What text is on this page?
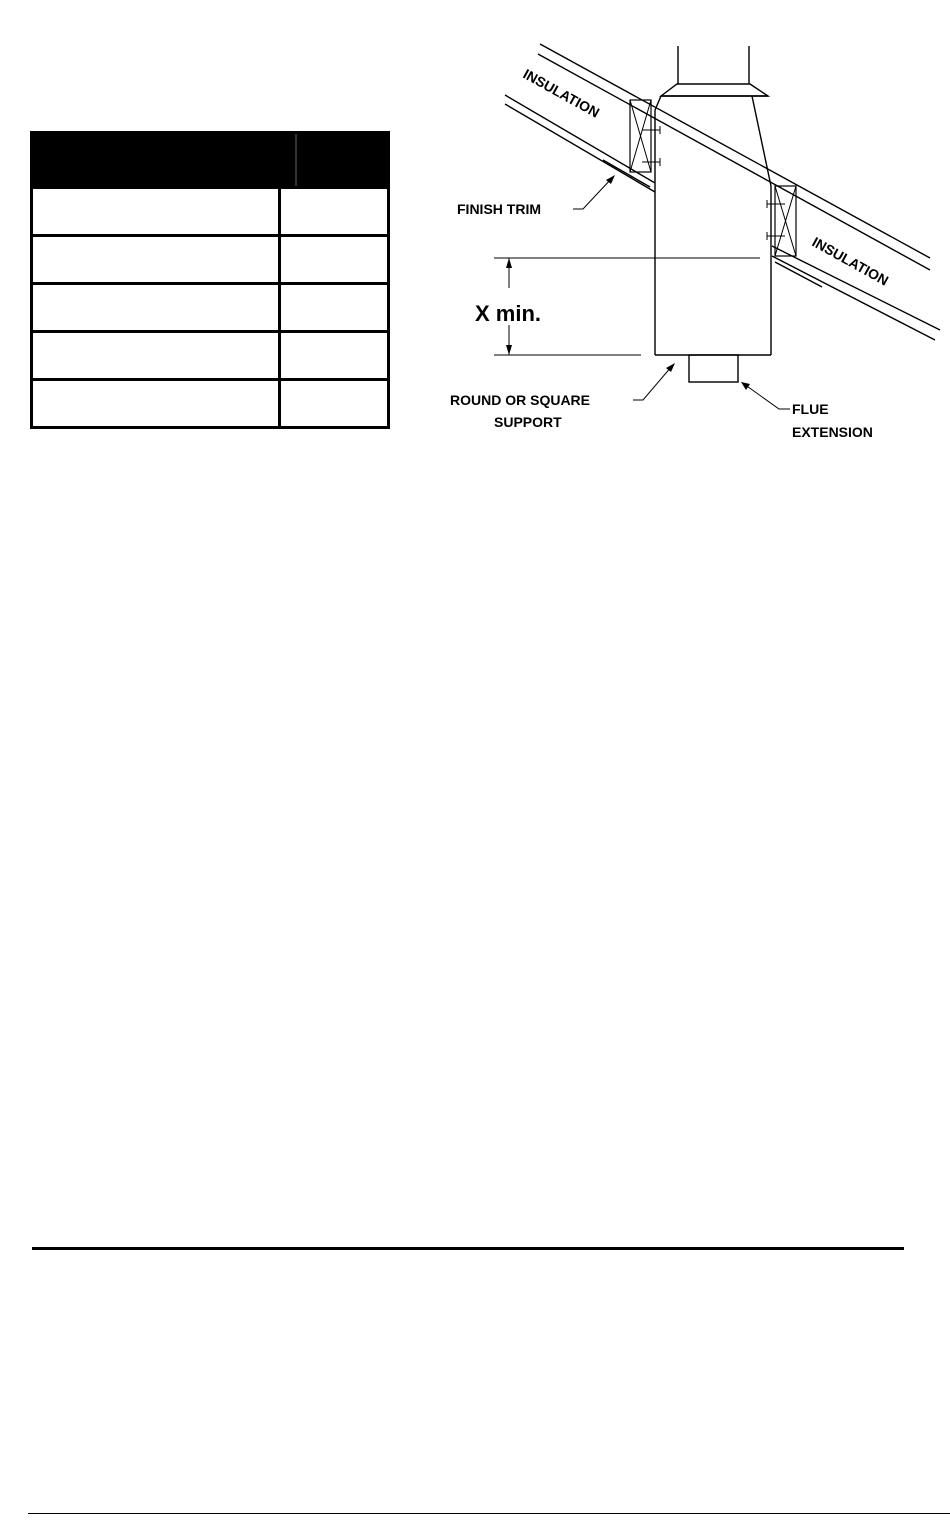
INSULATION
INSULATION
FINISH TRIM
X min.
ROUND OR SQUARE
SUPPORT
FLUE
EXTENSION
